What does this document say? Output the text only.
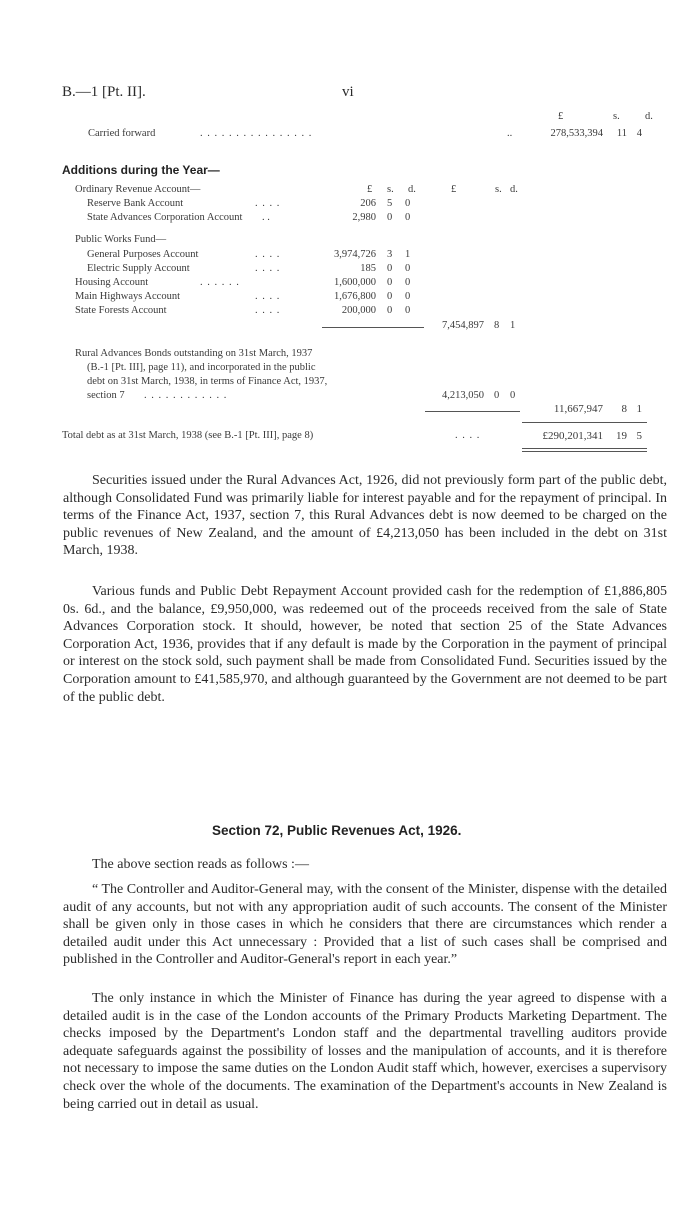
B.—1 [Pt. II].	vi
£	s. d.
Carried forward	. . . . . . . . . . . . . . . .	..	278,533,394	11 4
Additions during the Year—
£ s. d.	£	s. d.
Ordinary Revenue Account—
Reserve Bank Account	. . . .	206 5 0
State Advances Corporation Account . .	2,980 0 0
Public Works Fund—
General Purposes Account	. . . .	3,974,726 3 1
Electric Supply Account	. . . .	185 0 0
Housing Account	. . . . . .	1,600,000 0 0
Main Highways Account	. . . .	1,676,800 0 0
State Forests Account	. . . .	200,000 0 0
7,454,897 8 1
Rural Advances Bonds outstanding on 31st March, 1937
(B.-1 [Pt. III], page 11), and incorporated in the public
debt on 31st March, 1938, in terms of Finance Act, 1937,
section 7 . . . . . . . . . . . .	4,213,050 0 0
11,667,947	8 1
Total debt as at 31st March, 1938 (see B.-1 [Pt. III], page 8)	. . . .	£290,201,341	19 5
Securities issued under the Rural Advances Act, 1926, did not previously form part of the public debt, although Consolidated Fund was primarily liable for interest payable and for the repayment of principal. In terms of the Finance Act, 1937, section 7, this Rural Advances debt is now deemed to be charged on the public revenues of New Zealand, and the amount of £4,213,050 has been included in the debt on 31st March, 1938.
Various funds and Public Debt Repayment Account provided cash for the redemption of £1,886,805 0s. 6d., and the balance, £9,950,000, was redeemed out of the proceeds received from the sale of State Advances Corporation stock. It should, however, be noted that section 25 of the State Advances Corporation Act, 1936, provides that if any default is made by the Corporation in the payment of principal or interest on the stock sold, such payment shall be made from Consolidated Fund. Securities issued by the Corporation amount to £41,585,970, and although guaranteed by the Government are not deemed to be part of the public debt.
Section 72, Public Revenues Act, 1926.
The above section reads as follows :—
“ The Controller and Auditor-General may, with the consent of the Minister, dispense with the detailed audit of any accounts, but not with any appropriation audit of such accounts. The consent of the Minister shall be given only in those cases in which he considers that there are circumstances which render a detailed audit under this Act unnecessary : Provided that a list of such cases shall be comprised and published in the Controller and Auditor-General's report in each year.”
The only instance in which the Minister of Finance has during the year agreed to dispense with a detailed audit is in the case of the London accounts of the Primary Products Marketing Department. The checks imposed by the Department's London staff and the departmental travelling auditors provide adequate safeguards against the possibility of losses and the manipulation of accounts, and it is therefore not necessary to impose the same duties on the London Audit staff which, however, exercises a supervisory check over the whole of the documents. The examination of the Department's accounts in New Zealand is being carried out in detail as usual.
